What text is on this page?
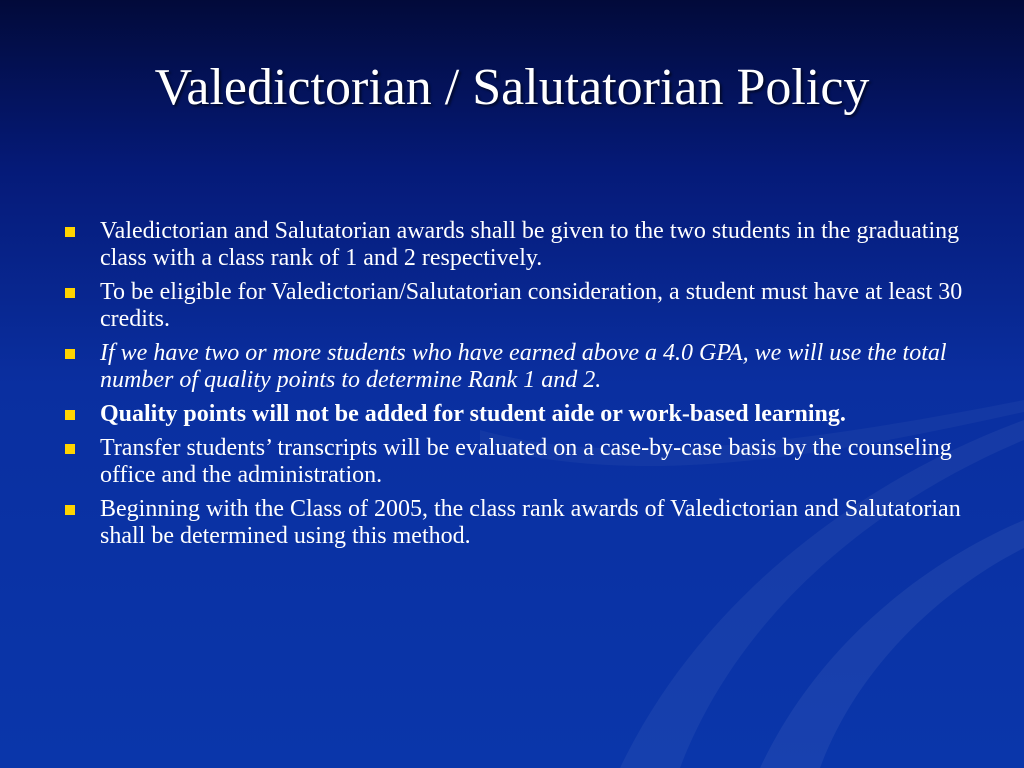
Valedictorian / Salutatorian Policy
Valedictorian and Salutatorian awards shall be given to the two students in the graduating class with a class rank of 1 and 2 respectively.
To be eligible for Valedictorian/Salutatorian consideration, a student must have at least 30 credits.
If we have two or more students who have earned above a 4.0 GPA, we will use the total number of quality points to determine Rank 1 and 2.
Quality points will not be added for student aide or work-based learning.
Transfer students’ transcripts will be evaluated on a case-by-case basis by the counseling office and the administration.
Beginning with the Class of 2005, the class rank awards of Valedictorian and Salutatorian shall be determined using this method.
